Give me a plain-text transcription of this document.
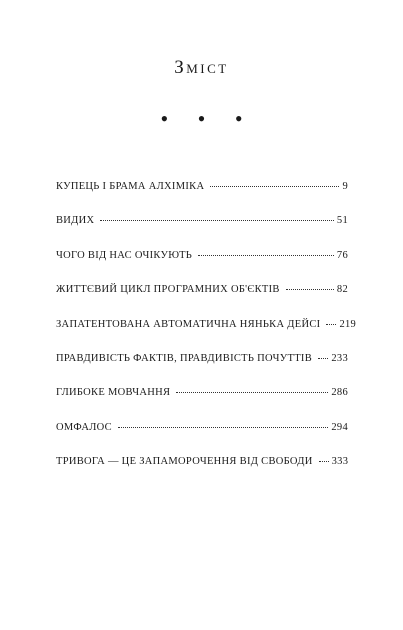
Зміст
• • •
КУПЕЦЬ І БРАМА АЛХІМІКА	9
ВИДИХ	51
ЧОГО ВІД НАС ОЧІКУЮТЬ	76
ЖИТТЄВИЙ ЦИКЛ ПРОГРАМНИХ ОБ'ЄКТІВ	82
ЗАПАТЕНТОВАНА АВТОМАТИЧНА НЯНЬКА ДЕЙСІ 219
ПРАВДИВІСТЬ ФАКТІВ, ПРАВДИВІСТЬ ПОЧУТТІВ 233
ГЛИБОКЕ МОВЧАННЯ	286
ОМФАЛОС	294
ТРИВОГА — ЦЕ ЗАПАМОРОЧЕННЯ ВІД СВОБОДИ 333
